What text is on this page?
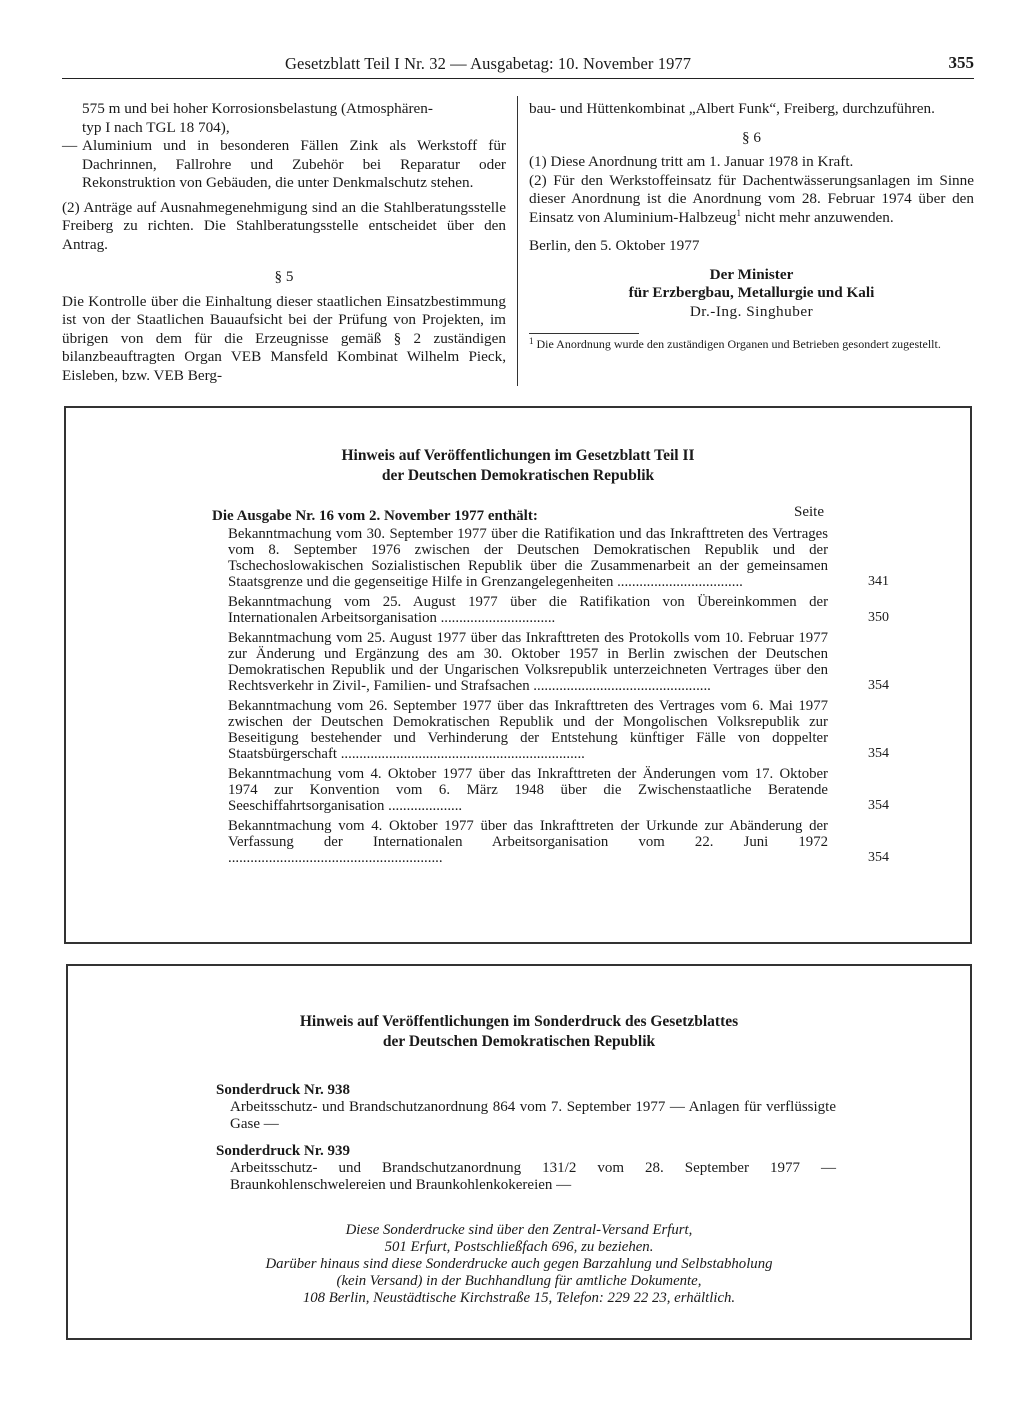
Gesetzblatt Teil I Nr. 32 — Ausgabetag: 10. November 1977	355

575 m und bei hoher Korrosionsbelastung (Atmosphären-

typ I nach TGL 18 704),

— Aluminium und in besonderen Fällen Zink als Werkstoff für Dachrinnen, Fallrohre und Zubehör bei Reparatur oder Rekonstruktion von Gebäuden, die unter Denkmalschutz stehen.

(2) Anträge auf Ausnahmegenehmigung sind an die Stahlberatungsstelle Freiberg zu richten. Die Stahlberatungsstelle entscheidet über den Antrag.

§ 5

Die Kontrolle über die Einhaltung dieser staatlichen Einsatzbestimmung ist von der Staatlichen Bauaufsicht bei der Prüfung von Projekten, im übrigen von dem für die Erzeugnisse gemäß § 2 zuständigen bilanzbeauftragten Organ VEB Mansfeld Kombinat Wilhelm Pieck, Eisleben, bzw. VEB Berg-

bau- und Hüttenkombinat „Albert Funk“, Freiberg, durchzuführen.

§ 6

(1) Diese Anordnung tritt am 1. Januar 1978 in Kraft.

(2) Für den Werkstoffeinsatz für Dachentwässerungsanlagen im Sinne dieser Anordnung ist die Anordnung vom 28. Februar 1974 über den Einsatz von Aluminium-Halbzeug$^1$ nicht mehr anzuwenden.

Berlin, den 5. Oktober 1977

Der Minister

für Erzbergbau, Metallurgie und Kali

Dr.-Ing. Singhuber

$^1$ Die Anordnung wurde den zuständigen Organen und Betrieben gesondert zugestellt.

Hinweis auf Veröffentlichungen im Gesetzblatt Teil II
der Deutschen Demokratischen Republik
Die Ausgabe Nr. 16 vom 2. November 1977 enthält:	Seite
Bekanntmachung vom 30. September 1977 über die Ratifikation und das Inkrafttreten des Vertrages vom 8. September 1976 zwischen der Deutschen Demokratischen Republik und der Tschechoslowakischen Sozialistischen Republik über die Zusammenarbeit an der gemeinsamen Staatsgrenze und die gegenseitige Hilfe in Grenzangelegenheiten ..................................	341
Bekanntmachung vom 25. August 1977 über die Ratifikation von Übereinkommen der Internationalen Arbeitsorganisation ...............................	350
Bekanntmachung vom 25. August 1977 über das Inkrafttreten des Protokolls vom 10. Februar 1977 zur Änderung und Ergänzung des am 30. Oktober 1957 in Berlin zwischen der Deutschen Demokratischen Republik und der Ungarischen Volksrepublik unterzeichneten Vertrages über den Rechtsverkehr in Zivil-, Familien- und Strafsachen ................................................	354
Bekanntmachung vom 26. September 1977 über das Inkrafttreten des Vertrages vom 6. Mai 1977 zwischen der Deutschen Demokratischen Republik und der Mongolischen Volksrepublik zur Beseitigung bestehender und Verhinderung der Entstehung künftiger Fälle von doppelter Staatsbürgerschaft ..................................................................	354
Bekanntmachung vom 4. Oktober 1977 über das Inkrafttreten der Änderungen vom 17. Oktober 1974 zur Konvention vom 6. März 1948 über die Zwischenstaatliche Beratende Seeschiffahrtsorganisation ....................	354
Bekanntmachung vom 4. Oktober 1977 über das Inkrafttreten der Urkunde zur Abänderung der Verfassung der Internationalen Arbeitsorganisation vom 22. Juni 1972 ..........................................................	354
Hinweis auf Veröffentlichungen im Sonderdruck des Gesetzblattes
der Deutschen Demokratischen Republik

Sonderdruck Nr. 938

Arbeitsschutz- und Brandschutzanordnung 864 vom 7. September 1977 — Anlagen für verflüssigte Gase —

Sonderdruck Nr. 939

Arbeitsschutz- und Brandschutzanordnung 131/2 vom 28. September 1977 — Braunkohlenschwelereien und Braunkohlenkokereien —

Diese Sonderdrucke sind über den Zentral-Versand Erfurt,
501 Erfurt, Postschließfach 696, zu beziehen.
Darüber hinaus sind diese Sonderdrucke auch gegen Barzahlung und Selbstabholung
(kein Versand) in der Buchhandlung für amtliche Dokumente,
108 Berlin, Neustädtische Kirchstraße 15, Telefon: 229 22 23, erhältlich.
